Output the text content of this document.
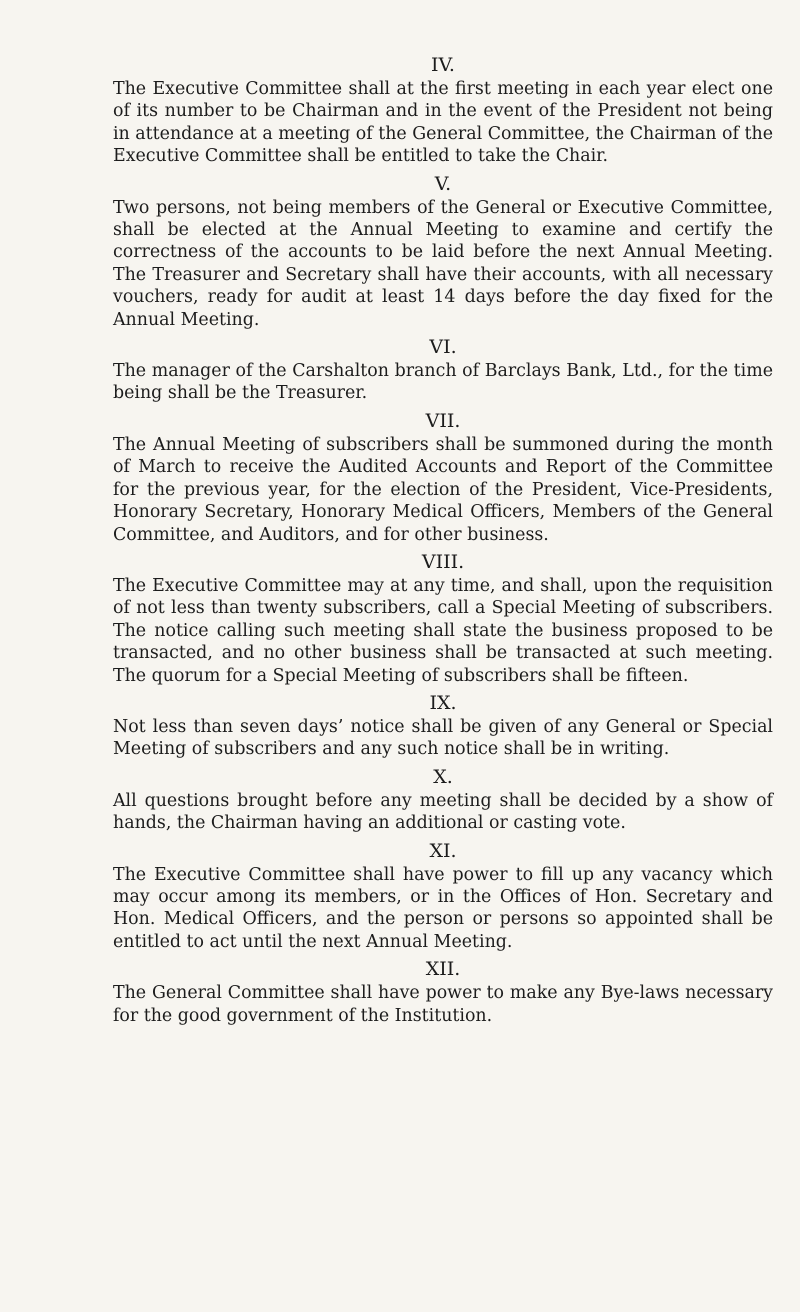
IV.

The Executive Committee shall at the first meeting in each year elect one of its number to be Chairman and in the event of the President not being in attendance at a meeting of the General Committee, the Chairman of the Executive Committee shall be entitled to take the Chair.

V.

Two persons, not being members of the General or Executive Committee, shall be elected at the Annual Meeting to examine and certify the correctness of the accounts to be laid before the next Annual Meeting. The Treasurer and Secretary shall have their accounts, with all necessary vouchers, ready for audit at least 14 days before the day fixed for the Annual Meeting.

VI.

The manager of the Carshalton branch of Barclays Bank, Ltd., for the time being shall be the Treasurer.

VII.

The Annual Meeting of subscribers shall be summoned during the month of March to receive the Audited Accounts and Report of the Committee for the previous year, for the election of the President, Vice-Presidents, Honorary Secretary, Honorary Medical Officers, Members of the General Committee, and Auditors, and for other business.

VIII.

The Executive Committee may at any time, and shall, upon the requisition of not less than twenty subscribers, call a Special Meeting of subscribers. The notice calling such meeting shall state the business proposed to be transacted, and no other business shall be transacted at such meeting. The quorum for a Special Meeting of subscribers shall be fifteen.

IX.

Not less than seven days’ notice shall be given of any General or Special Meeting of subscribers and any such notice shall be in writing.

X.

All questions brought before any meeting shall be decided by a show of hands, the Chairman having an additional or casting vote.

XI.

The Executive Committee shall have power to fill up any vacancy which may occur among its members, or in the Offices of Hon. Secretary and Hon. Medical Officers, and the person or persons so appointed shall be entitled to act until the next Annual Meeting.

XII.

The General Committee shall have power to make any Bye-laws necessary for the good government of the Institution.
